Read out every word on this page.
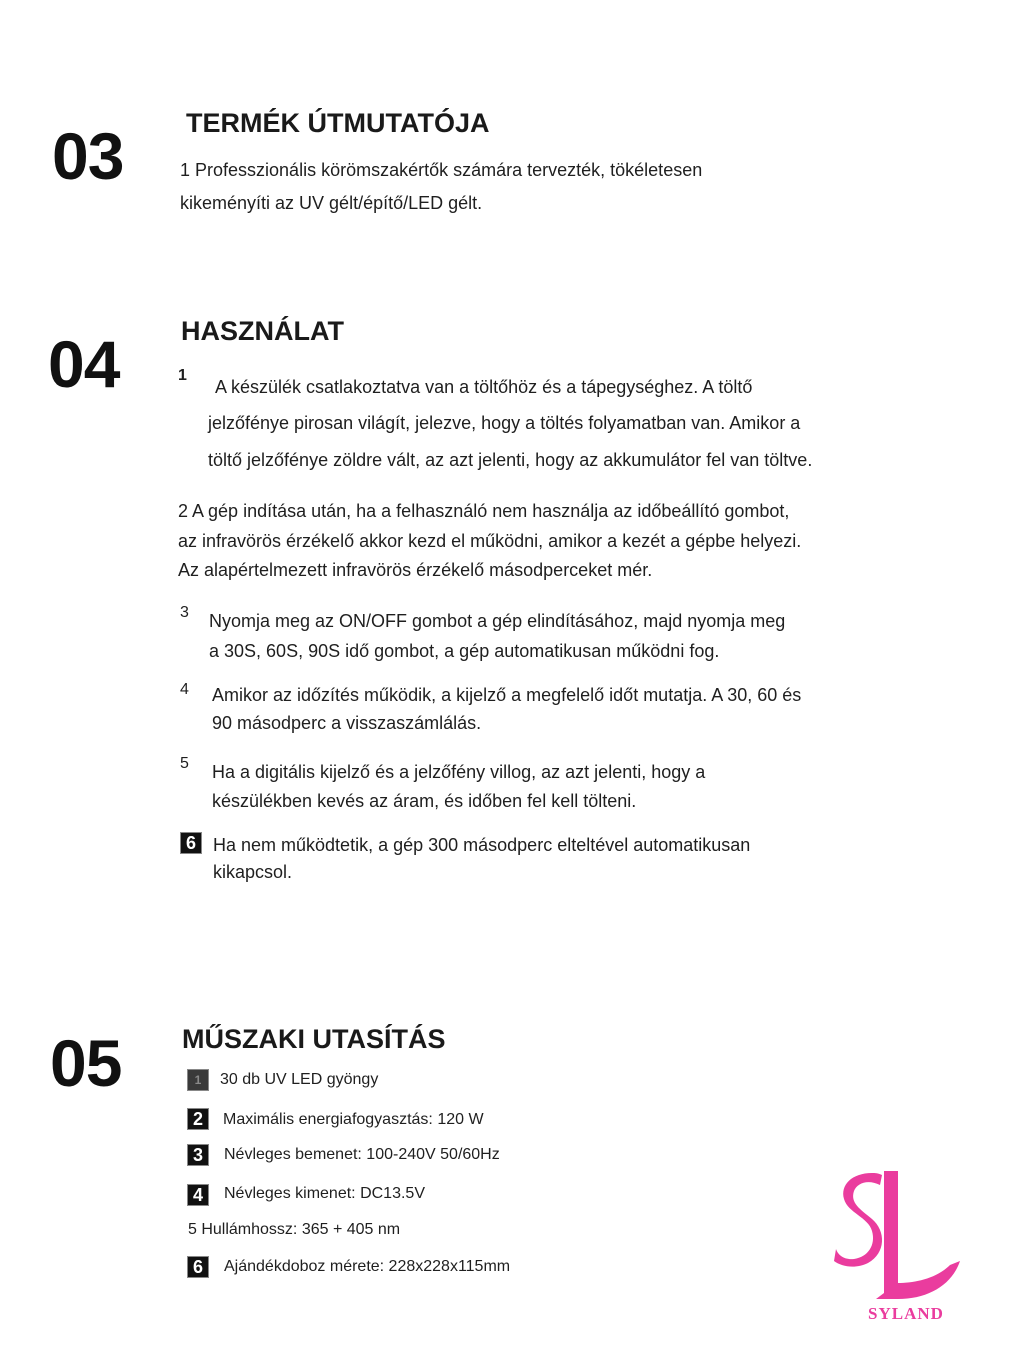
03 TERMÉK ÚTMUTATÓJA
1 Professzionális körömszakértők számára tervezték, tökéletesen
kikeményíti az UV gélt/építő/LED gélt.
04 HASZNÁLAT
1
A készülék csatlakoztatva van a töltőhöz és a tápegységhez. A töltő
jelzőfénye pirosan világít, jelezve, hogy a töltés folyamatban van. Amikor a
töltő jelzőfénye zöldre vált, az azt jelenti, hogy az akkumulátor fel van töltve.
2 A gép indítása után, ha a felhasználó nem használja az időbeállító gombot,
az infravörös érzékelő akkor kezd el működni, amikor a kezét a gépbe helyezi.
Az alapértelmezett infravörös érzékelő másodperceket mér.
3 Nyomja meg az ON/OFF gombot a gép elindításához, majd nyomja meg
a 30S, 60S, 90S idő gombot, a gép automatikusan működni fog.
4 Amikor az időzítés működik, a kijelző a megfelelő időt mutatja. A 30, 60 és
90 másodperc a visszaszámlálás.
5 Ha a digitális kijelző és a jelzőfény villog, az azt jelenti, hogy a
készülékben kevés az áram, és időben fel kell tölteni.
6 Ha nem működtetik, a gép 300 másodperc elteltével automatikusan
kikapcsol.
05 MŰSZAKI UTASÍTÁS
1	30 db UV LED gyöngy
2	Maximális energiafogyasztás: 120 W
3	Névleges bemenet: 100-240V 50/60Hz
4	Névleges kimenet: DC13.5V
5 Hullámhossz: 365 + 405 nm
6	Ajándékdoboz mérete: 228x228x115mm	Perfect Beauty
SYLAND
